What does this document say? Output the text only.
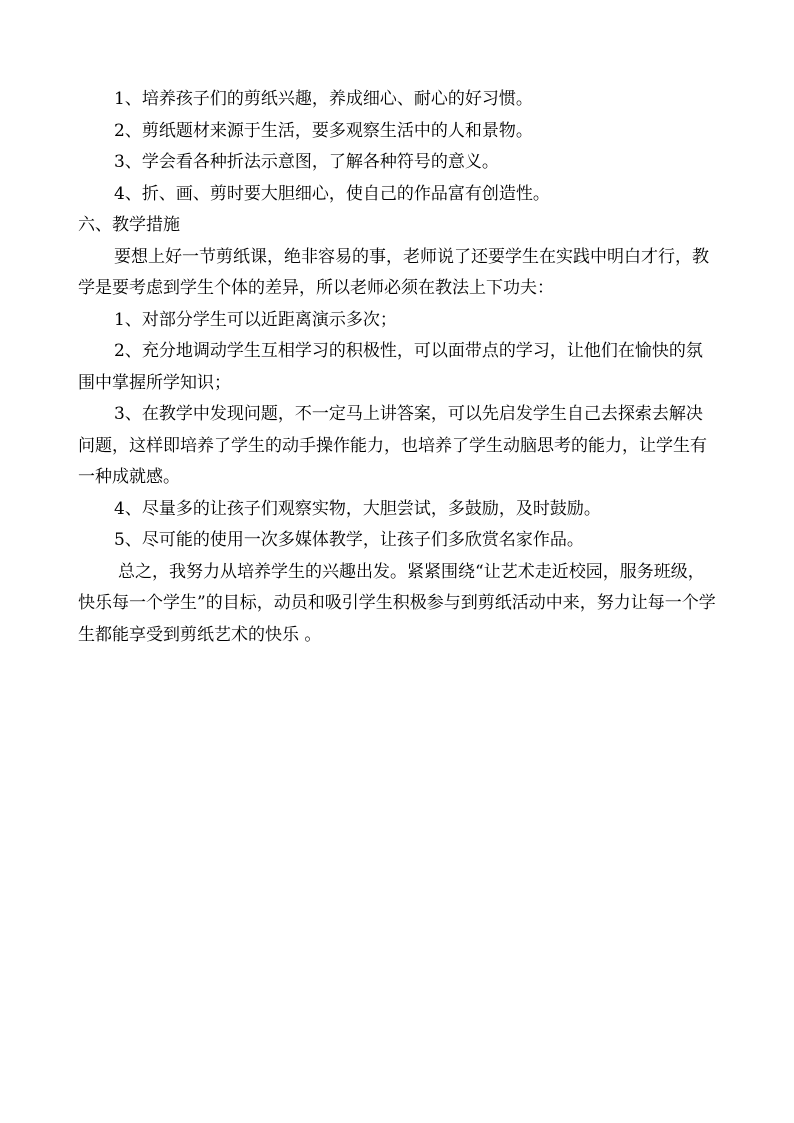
1、培养孩子们的剪纸兴趣，养成细心、耐心的好习惯。

2、剪纸题材来源于生活，要多观察生活中的人和景物。

3、学会看各种折法示意图，了解各种符号的意义。

4、折、画、剪时要大胆细心，使自己的作品富有创造性。

六、教学措施

要想上好一节剪纸课，绝非容易的事，老师说了还要学生在实践中明白才行，教学是要考虑到学生个体的差异，所以老师必须在教法上下功夫：

1、对部分学生可以近距离演示多次；

2、充分地调动学生互相学习的积极性，可以面带点的学习，让他们在愉快的氛围中掌握所学知识；

3、在教学中发现问题，不一定马上讲答案，可以先启发学生自己去探索去解决问题，这样即培养了学生的动手操作能力，也培养了学生动脑思考的能力，让学生有一种成就感。

4、尽量多的让孩子们观察实物，大胆尝试，多鼓励，及时鼓励。

5、尽可能的使用一次多媒体教学，让孩子们多欣赏名家作品。

总之，我努力从培养学生的兴趣出发。紧紧围绕“让艺术走近校园，服务班级，快乐每一个学生”的目标，动员和吸引学生积极参与到剪纸活动中来，努力让每一个学生都能享受到剪纸艺术的快乐 。
